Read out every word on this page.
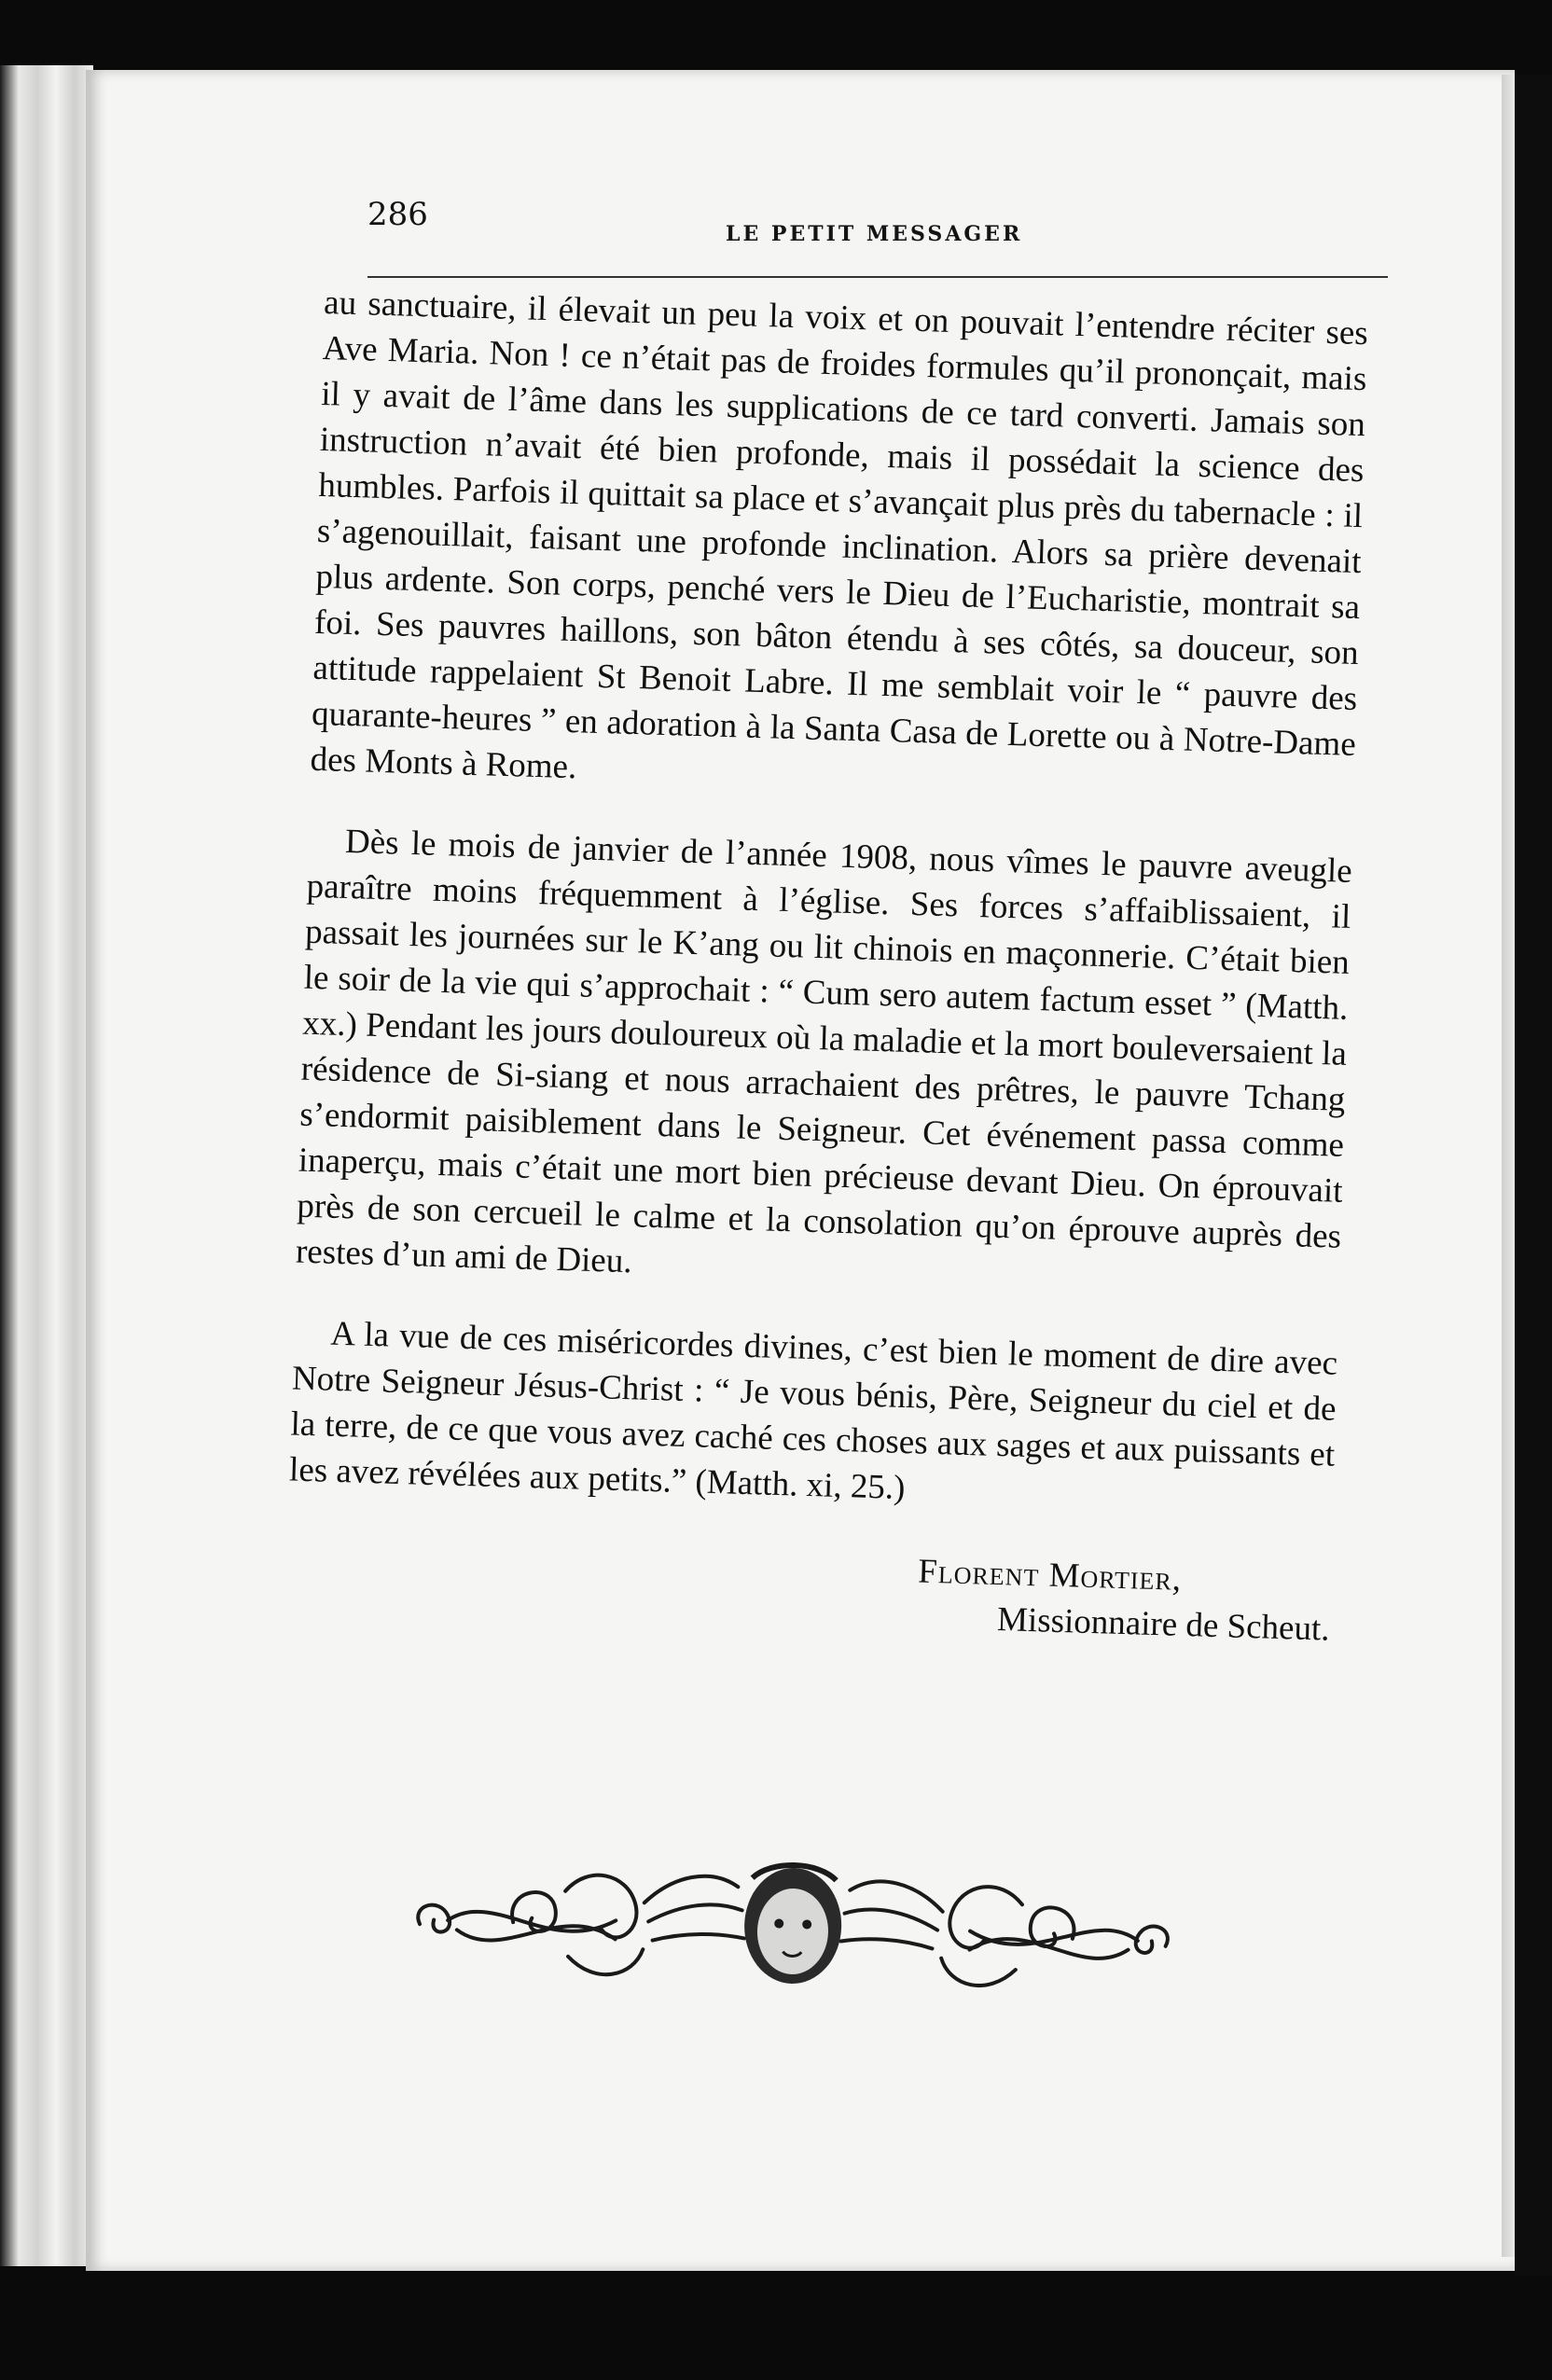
286
LE PETIT MESSAGER

au sanctuaire, il élevait un peu la voix et on pouvait l’entendre réciter ses Ave Maria. Non ! ce n’était pas de froides formules qu’il prononçait, mais il y avait de l’âme dans les supplications de ce tard converti. Jamais son instruction n’avait été bien profonde, mais il possédait la science des humbles. Parfois il quittait sa place et s’avançait plus près du tabernacle : il s’agenouillait, faisant une profonde inclination. Alors sa prière devenait plus ardente. Son corps, penché vers le Dieu de l’Eucharistie, montrait sa foi. Ses pauvres haillons, son bâton étendu à ses côtés, sa douceur, son attitude rappelaient St Benoit Labre. Il me semblait voir le “ pauvre des quarante-heures ” en adoration à la Santa Casa de Lorette ou à Notre-Dame des Monts à Rome.

Dès le mois de janvier de l’année 1908, nous vîmes le pauvre aveugle paraître moins fréquemment à l’église. Ses forces s’affaiblissaient, il passait les journées sur le K’ang ou lit chinois en maçonnerie. C’était bien le soir de la vie qui s’approchait : “ Cum sero autem factum esset ” (Matth. xx.) Pendant les jours douloureux où la maladie et la mort bouleversaient la résidence de Si-siang et nous arrachaient des prêtres, le pauvre Tchang s’endormit paisiblement dans le Seigneur. Cet événement passa comme inaperçu, mais c’était une mort bien précieuse devant Dieu. On éprouvait près de son cercueil le calme et la consolation qu’on éprouve auprès des restes d’un ami de Dieu.

A la vue de ces miséricordes divines, c’est bien le moment de dire avec Notre Seigneur Jésus-Christ : “ Je vous bénis, Père, Seigneur du ciel et de la terre, de ce que vous avez caché ces choses aux sages et aux puissants et les avez révélées aux petits.” (Matth. xi, 25.)

Florent Mortier,
Missionnaire de Scheut.
